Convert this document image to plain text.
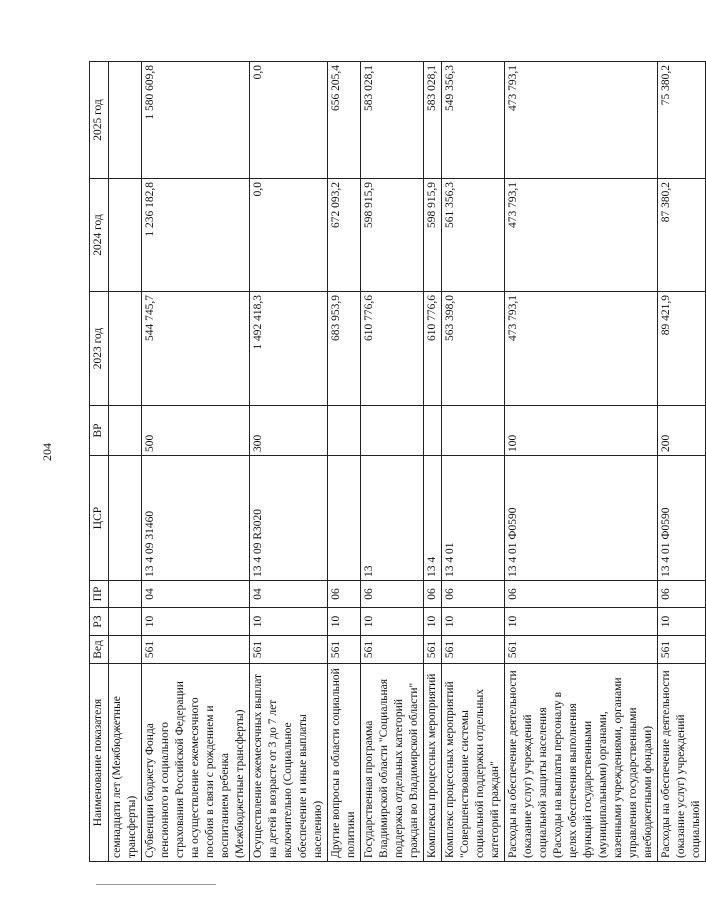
204
Наименование показателя	Вед	РЗ	ПР	ЦСР	ВР	2023 год	2024 год	2025 год
семнадцати лет (Межбюджетные трансферты)								
Субвенции бюджету Фонда пенсионного и социального страхования Российской Федерации на осуществление ежемесячного пособия в связи с рождением и воспитанием ребенка (Межбюджетные трансферты)	561	10	04	13 4 09 31460	500	544 745,7	1 236 182,8	1 580 609,8
Осуществление ежемесячных выплат на детей в возрасте от 3 до 7 лет включительно (Социальное обеспечение и иные выплаты населению)	561	10	04	13 4 09 R3020	300	1 492 418,3	0,0	0,0
Другие вопросы в области социальной политики	561	10	06			683 953,9	672 093,2	656 205,4
Государственная программа Владимирской области "Социальная поддержка отдельных категорий граждан во Владимирской области"	561	10	06	13		610 776,6	598 915,9	583 028,1
Комплексы процессных мероприятий	561	10	06	13 4		610 776,6	598 915,9	583 028,1
Комплекс процессных мероприятий "Совершенствование системы социальной поддержки отдельных категорий граждан"	561	10	06	13 4 01		563 398,0	561 356,3	549 356,3
Расходы на обеспечение деятельности (оказание услуг) учреждений социальной защиты населения (Расходы на выплаты персоналу в целях обеспечения выполнения функций государственными (муниципальными) органами, казенными учреждениями, органами управления государственными внебюджетными фондами)	561	10	06	13 4 01 Ф0590	100	473 793,1	473 793,1	473 793,1
Расходы на обеспечение деятельности (оказание услуг) учреждений социальной	561	10	06	13 4 01 Ф0590	200	89 421,9	87 380,2	75 380,2
